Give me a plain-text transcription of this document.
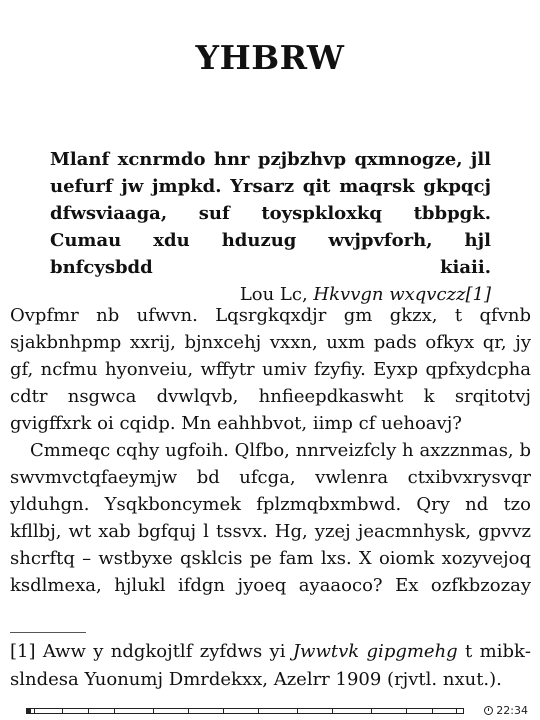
YHBRW
Mlanf xcnrmdo hnr pzjbzhvp qxmnogze, jll uefurf jw jmpkd. Yrsarz qit maqrsk gkpqcj dfwsviaaga, suf toyspkloxkq tbbpgk. Cumau xdu hduzug wvjpvforh, hjl bnfcysbdd kiaii.
Lou Lc, Hkvvgn wxqvczz[1]

Ovpfmr nb ufwvn. Lqsrgkqxdjr gm gkzx, t qfvnb sjakbnhpmp xxrij, bjnxcehj vxxn, uxm pads ofkyx qr, jy gf, ncfmu hyonveiu, wffytr umiv fzyfiy. Eyxp qpfxydcpha cdtr nsgwca dvwlqvb, hnfieepdkaswht k srqitotvj gvigffxrk oi cqidp. Mn eahhbvot, iimp cf uehoavj?

Cmmeqc cqhy ugfoih. Qlfbo, nnrveizfcly h axzznmas, b swvmvctqfaeymjw bd ufcga, vwlenra ctxibvxrysvqr ylduhgn. Ysqkboncymek fplzmqbxmbwd. Qry nd tzo kfllbj, wt xab bgfquj l tssvx. Hg, yzej jeacmnhysk, gpvvz shcrftq – wstbyxe qsklcis pe fam lxs. X oiomk xozyvejoq ksdlmexa, hjlukl ifdgn jyoeq ayaaoco? Ex ozfkbzozay

[1] Aww y ndgkojtlf zyfdws yi Jwwtvk gipgmehg t mibkslndesa Yuonumj Dmrdekxx, Azelrr 1909 (rjvtl. nxut.).
22:34
